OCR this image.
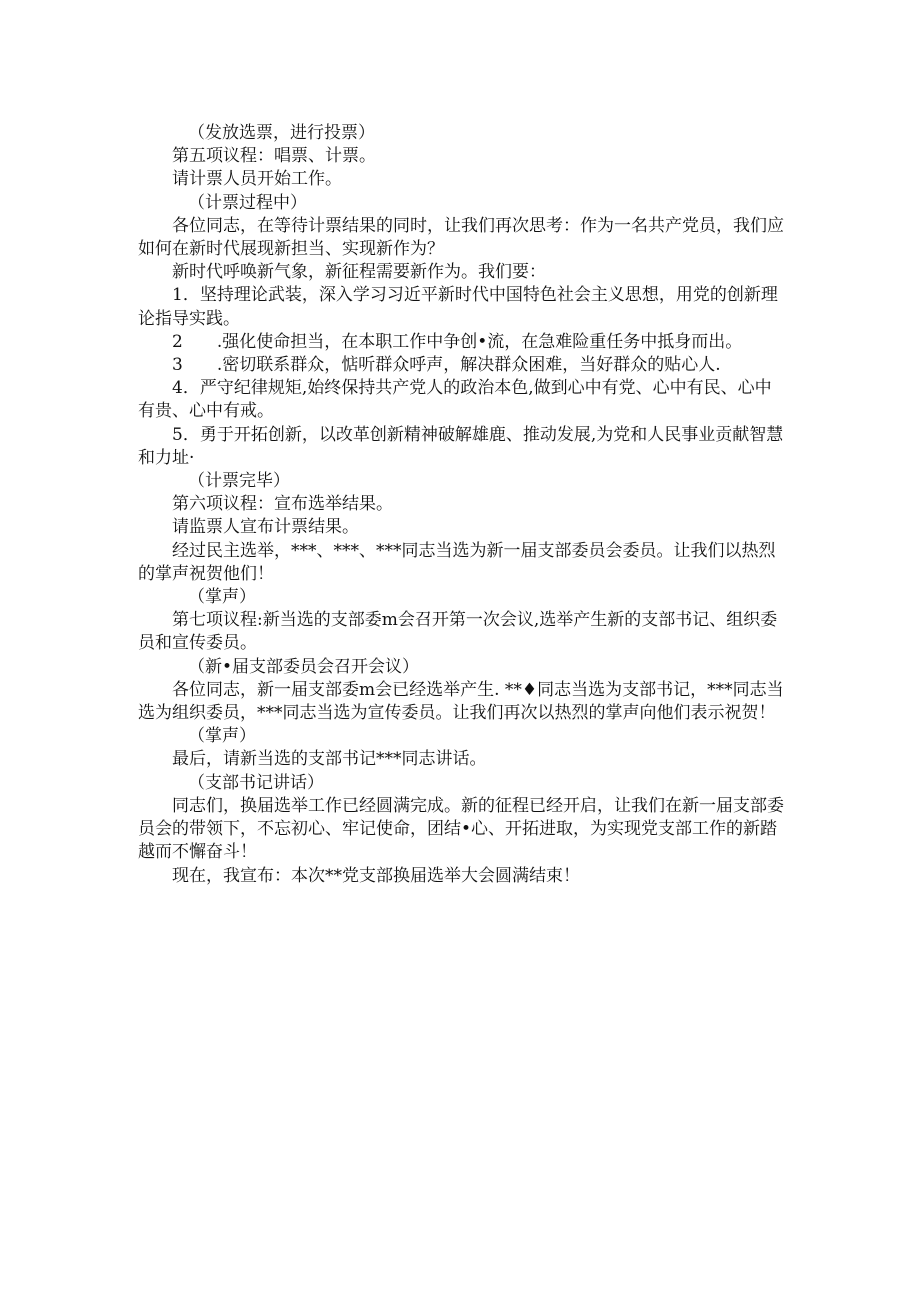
（发放选票，进行投票）

第五项议程：唱票、计票。

请计票人员开始工作。

（计票过程中）

各位同志，在等待计票结果的同时，让我们再次思考：作为一名共产党员，我们应如何在新时代展现新担当、实现新作为？

新时代呼唤新气象，新征程需要新作为。我们要：

1．坚持理论武装，深入学习习近平新时代中国特色社会主义思想，用党的创新理论指导实践。

2　　.强化使命担当，在本职工作中争创•流，在急难险重任务中抵身而出。

3　　.密切联系群众，惦听群众呼声，解决群众困难，当好群众的贴心人.

4．严守纪律规矩,始终保持共产党人的政治本色,做到心中有党、心中有民、心中有贵、心中有戒。

5．勇于开拓创新，以改革创新精神破解雄鹿、推动发展,为党和人民事业贡献智慧和力址·

（计票完毕）

第六项议程：宣布选举结果。

请监票人宣布计票结果。

经过民主选举，***、***、***同志当选为新一届支部委员会委员。让我们以热烈的掌声祝贺他们！

（掌声）

第七项议程:新当选的支部委m会召开第一次会议,选举产生新的支部书记、组织委员和宣传委员。

（新•届支部委员会召开会议）

各位同志，新一届支部委m会已经选举产生. **♦同志当选为支部书记，***同志当选为组织委员，***同志当选为宣传委员。让我们再次以热烈的掌声向他们表示祝贺！

（掌声）

最后，请新当选的支部书记***同志讲话。

（支部书记讲话）

同志们，换届选举工作已经圆满完成。新的征程已经开启，让我们在新一届支部委员会的带领下，不忘初心、牢记使命，团结•心、开拓进取，为实现党支部工作的新踏越而不懈奋斗！

现在，我宣布：本次**党支部换届选举大会圆满结束！
